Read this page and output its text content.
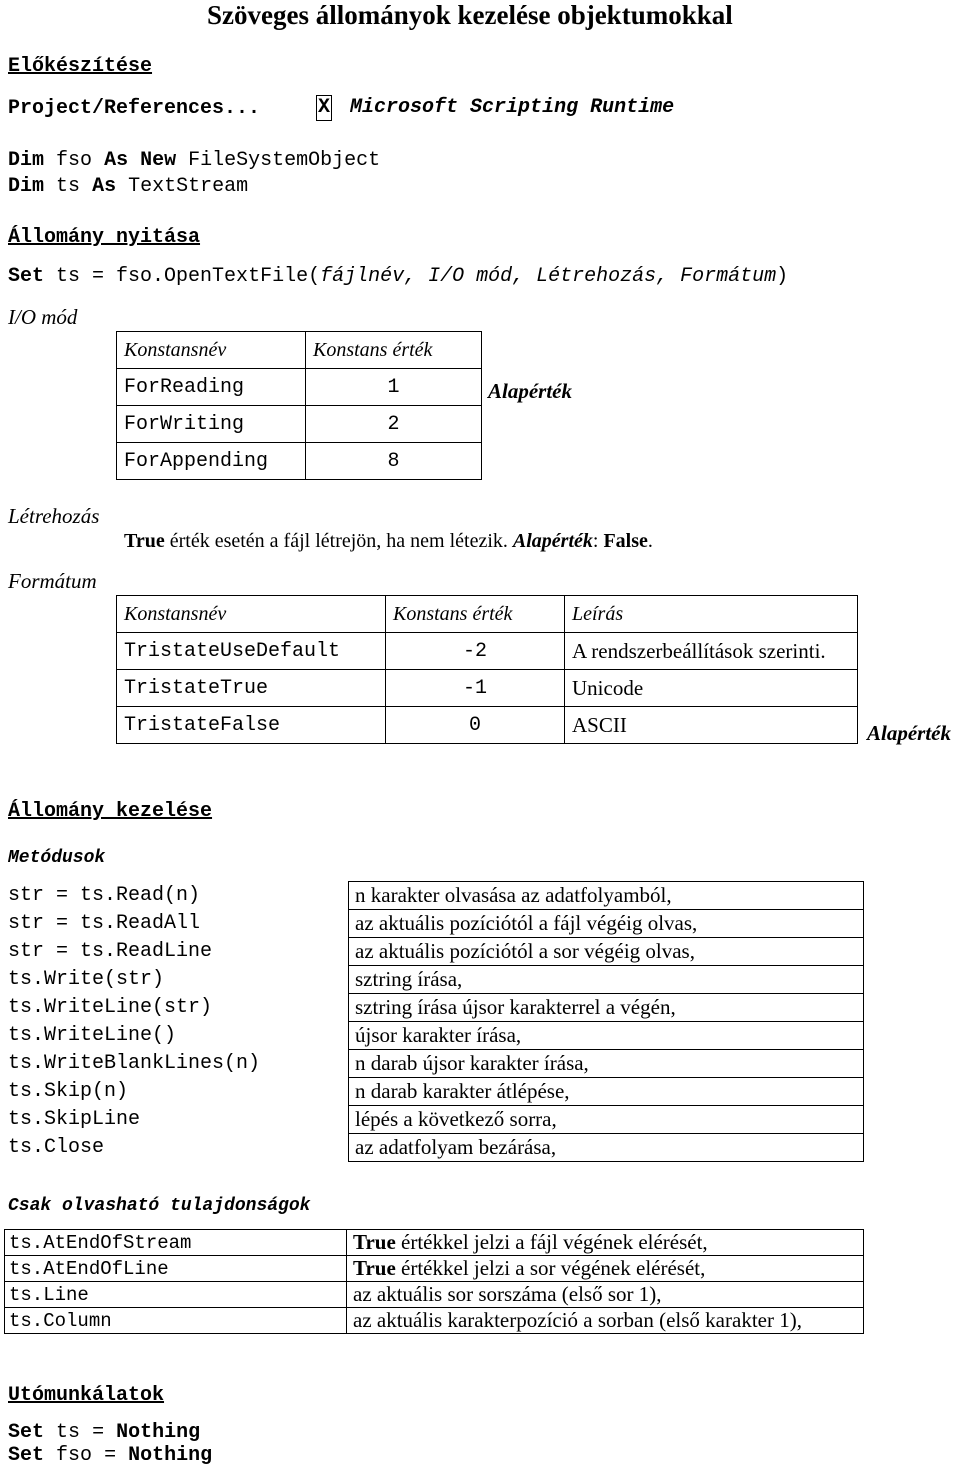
Szöveges állományok kezelése objektumokkal
Előkészítése
Project/References...	X Microsoft Scripting Runtime
Dim fso As New FileSystemObject
Dim ts As TextStream
Állomány nyitása
Set ts = fso.OpenTextFile(fájlnév, I/O mód, Létrehozás, Formátum)
I/O mód
Konstansnév	Konstans érték
ForReading	1
ForWriting	2
ForAppending	8
Alapérték
Létrehozás
True érték esetén a fájl létrejön, ha nem létezik. Alapérték: False.
Formátum
Konstansnév	Konstans érték	Leírás
TristateUseDefault	-2	A rendszerbeállítások szerinti.
TristateTrue	-1	Unicode
TristateFalse	0	ASCII	Alapérték
Állomány kezelése
Metódusok
str = ts.Read(n)	n karakter olvasása az adatfolyamból,
str = ts.ReadAll	az aktuális pozíciótól a fájl végéig olvas,
str = ts.ReadLine	az aktuális pozíciótól a sor végéig olvas,
ts.Write(str)	sztring írása,
ts.WriteLine(str)	sztring írása újsor karakterrel a végén,
ts.WriteLine()	újsor karakter írása,
ts.WriteBlankLines(n)	n darab újsor karakter írása,
ts.Skip(n)	n darab karakter átlépése,
ts.SkipLine	lépés a következő sorra,
ts.Close	az adatfolyam bezárása,
Csak olvasható tulajdonságok
ts.AtEndOfStream	True értékkel jelzi a fájl végének elérését,
ts.AtEndOfLine	True értékkel jelzi a sor végének elérését,
ts.Line	az aktuális sor sorszáma (első sor 1),
ts.Column	az aktuális karakterpozíció a sorban (első karakter 1),
Utómunkálatok
Set ts = Nothing
Set fso = Nothing
